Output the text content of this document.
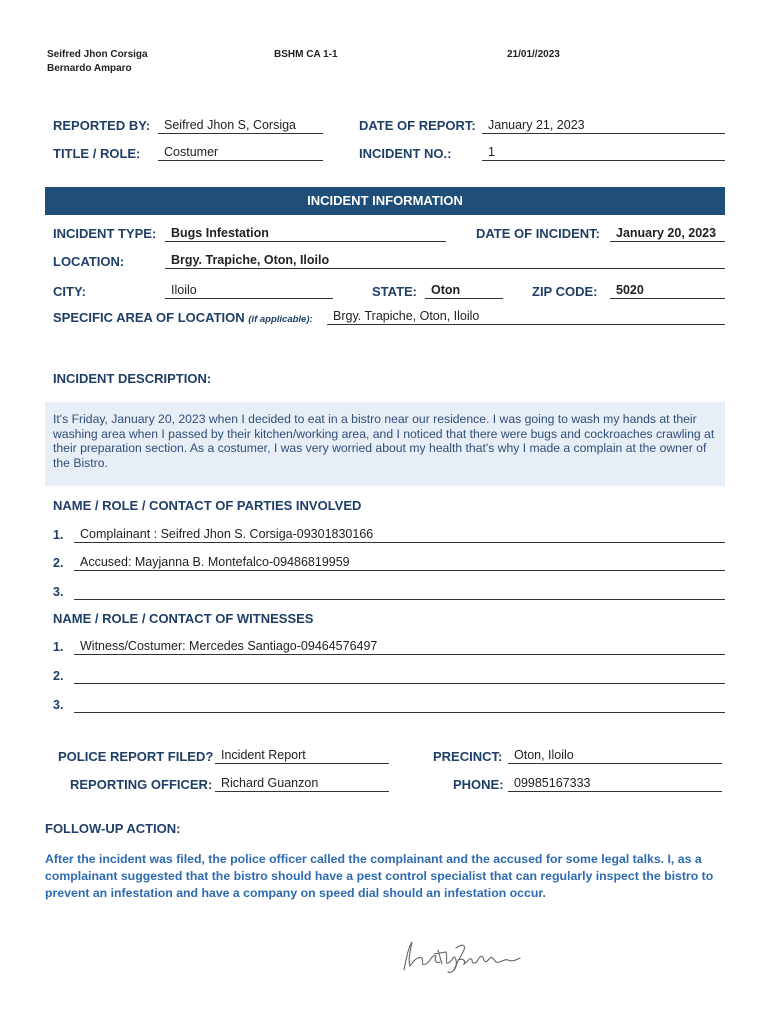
Seifred Jhon Corsiga
Bernardo Amparo
BSHM CA 1-1	21/01//2023
REPORTED BY:	Seifred Jhon S, Corsiga	DATE OF REPORT: January 21, 2023
TITLE / ROLE:	Costumer	INCIDENT NO.:	1
INCIDENT INFORMATION
INCIDENT TYPE:	Bugs Infestation	DATE OF INCIDENT:	January 20, 2023
LOCATION:	Brgy. Trapiche, Oton, Iloilo
CITY:	Iloilo	STATE:	Oton	ZIP CODE:	5020
SPECIFIC AREA OF LOCATION (if applicable):	Brgy. Trapiche, Oton, Iloilo
INCIDENT DESCRIPTION:
It's Friday, January 20, 2023 when I decided to eat in a bistro near our residence. I was going to wash my hands at their washing area when I passed by their kitchen/working area, and I noticed that there were bugs and cockroaches crawling at their preparation section. As a costumer, I was very worried about my health that's why I made a complain at the owner of the Bistro.
NAME / ROLE / CONTACT OF PARTIES INVOLVED
1.	Complainant : Seifred Jhon S. Corsiga-09301830166
2.	Accused: Mayjanna B. Montefalco-09486819959
3.
NAME / ROLE / CONTACT OF WITNESSES
1.	Witness/Costumer: Mercedes Santiago-09464576497
2.
3.
POLICE REPORT FILED? Incident Report	PRECINCT: Oton, Iloilo
REPORTING OFFICER: Richard Guanzon	PHONE: 09985167333
FOLLOW-UP ACTION:
After the incident was filed, the police officer called the complainant and the accused for some legal talks. I, as a complainant suggested that the bistro should have a pest control specialist that can regularly inspect the bistro to prevent an infestation and have a company on speed dial should an infestation occur.
